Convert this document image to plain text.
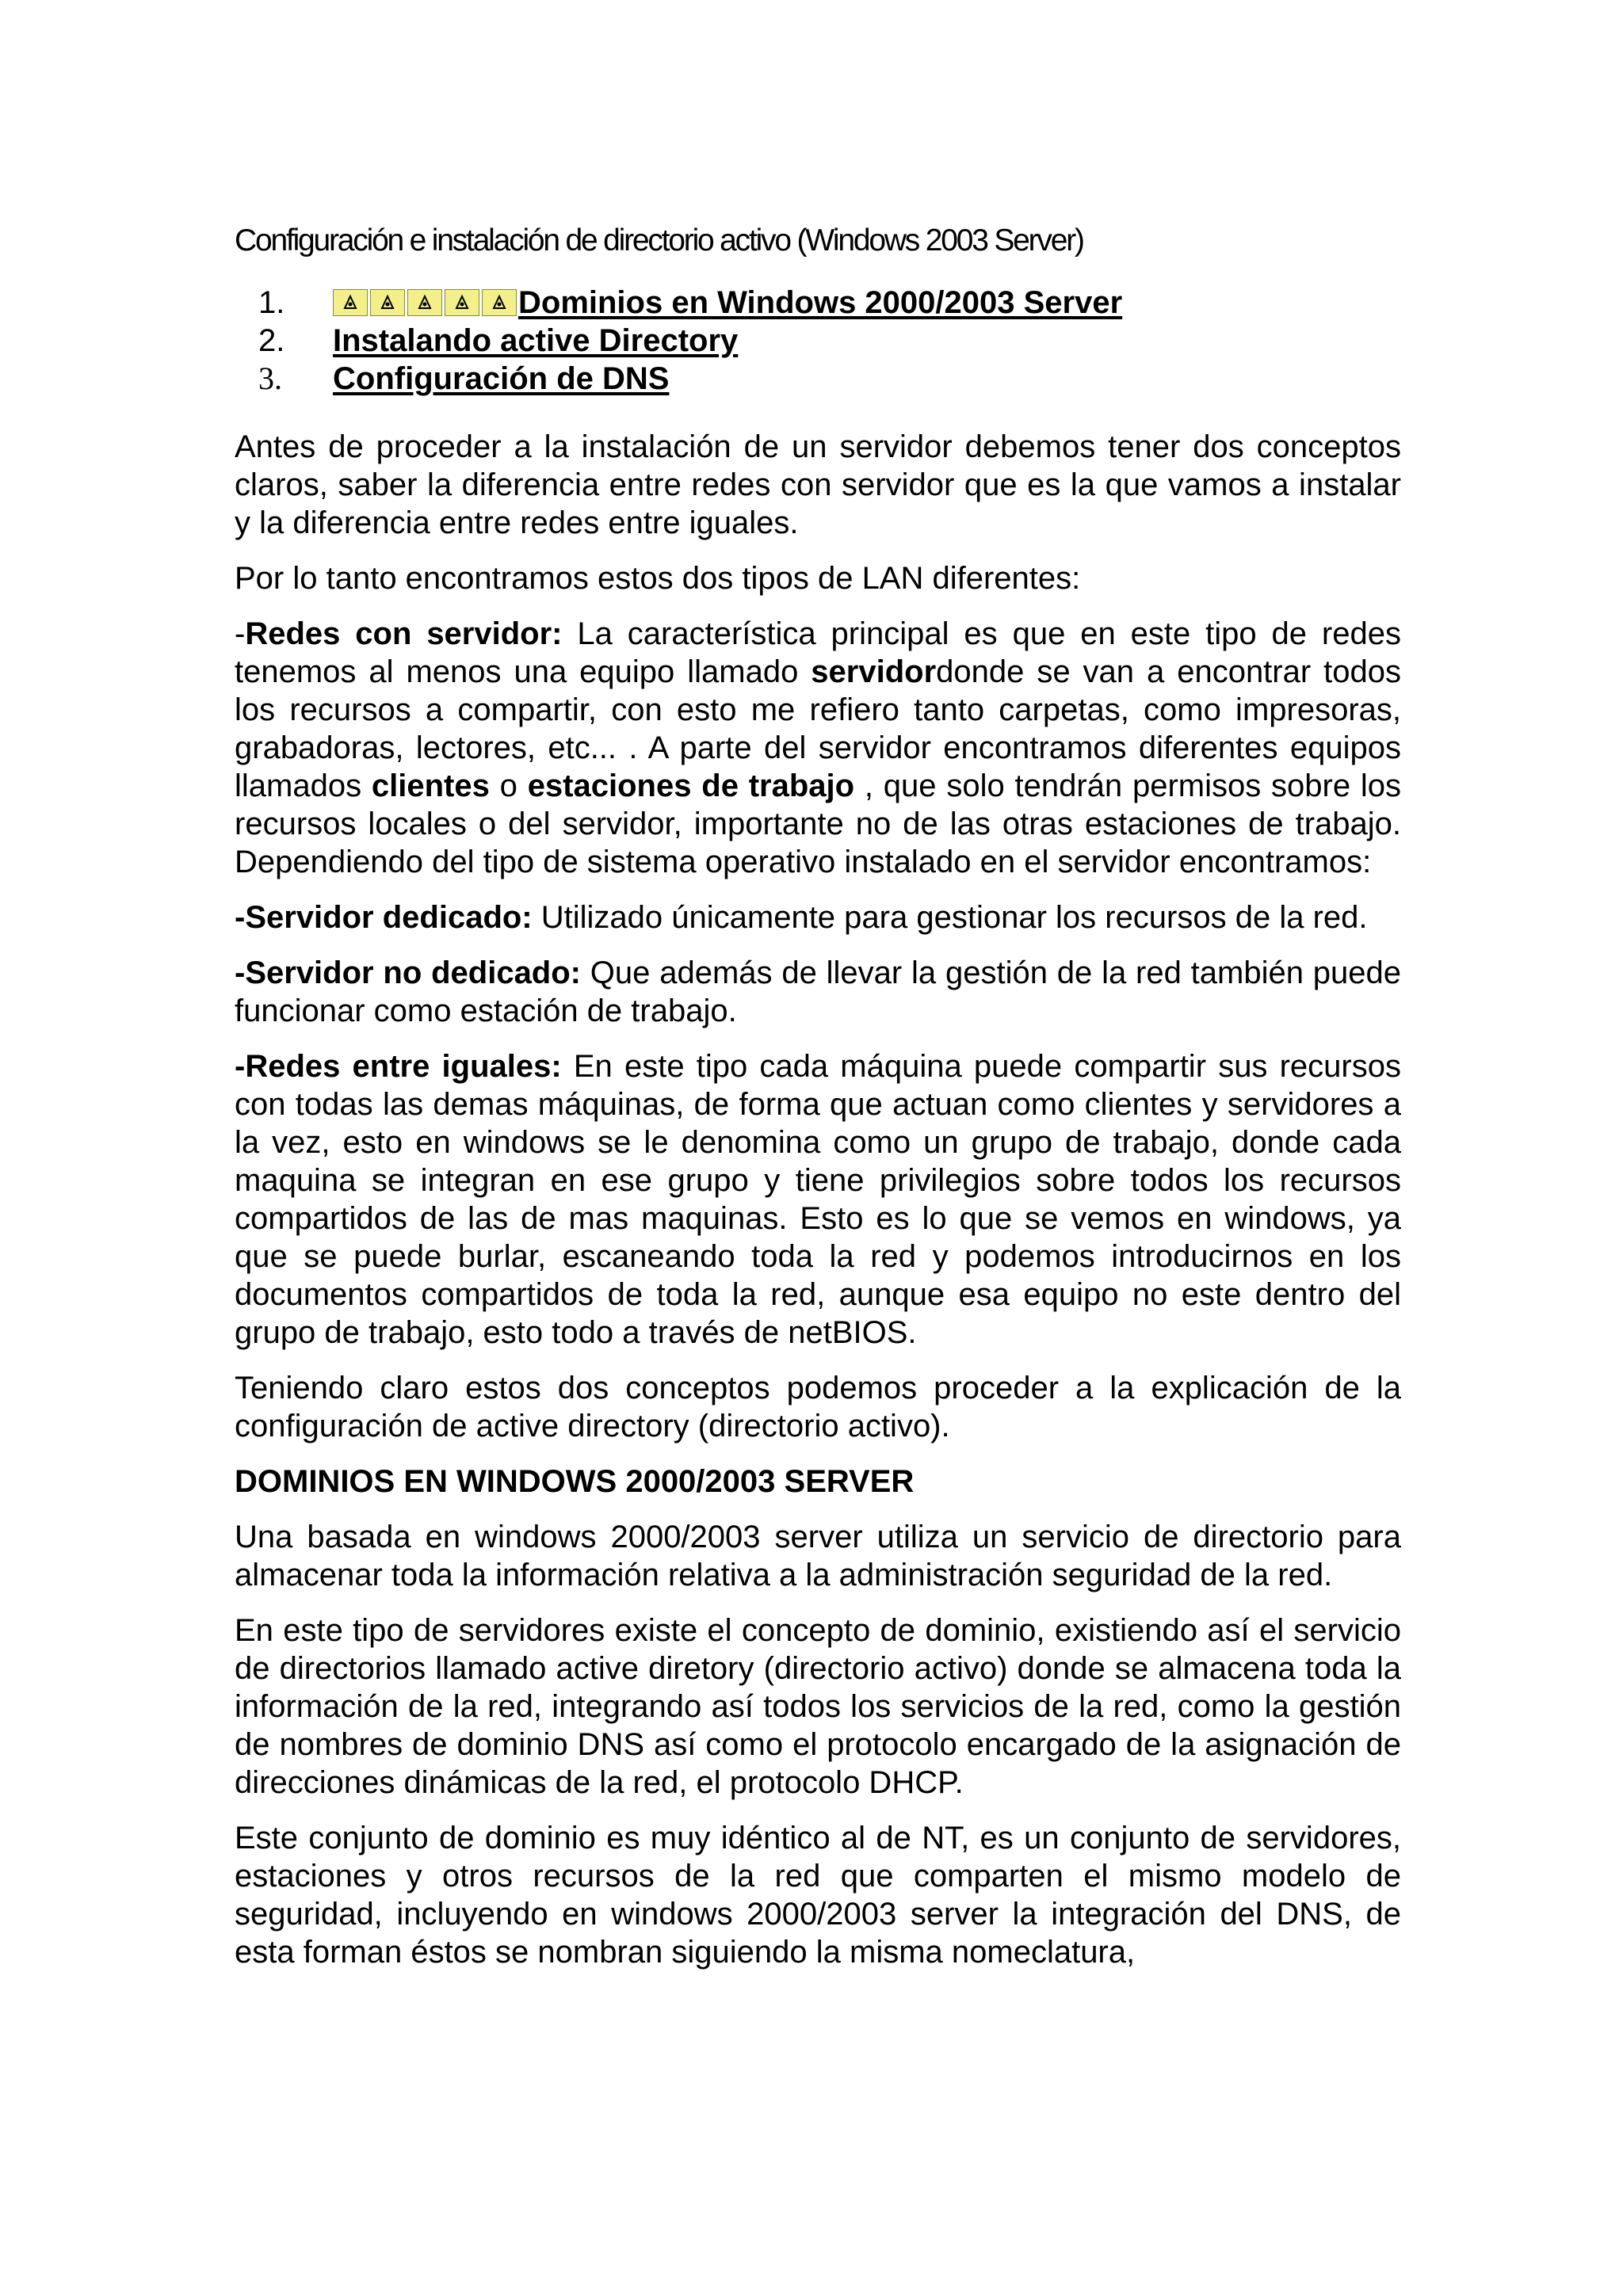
Configuración e instalación de directorio activo (Windows 2003 Server)
1.	Dominios en Windows 2000/2003 Server
2.	Instalando active Directory
3.	Configuración de DNS

Antes de proceder a la instalación de un servidor debemos tener dos conceptos claros, saber la diferencia entre redes con servidor que es la que vamos a instalar y la diferencia entre redes entre iguales.

Por lo tanto encontramos estos dos tipos de LAN diferentes:

-Redes con servidor: La característica principal es que en este tipo de redes tenemos al menos una equipo llamado servidordonde se van a encontrar todos los recursos a compartir, con esto me refiero tanto carpetas, como impresoras, grabadoras, lectores, etc... . A parte del servidor encontramos diferentes equipos llamados clientes o estaciones de trabajo , que solo tendrán permisos sobre los recursos locales o del servidor, importante no de las otras estaciones de trabajo. Dependiendo del tipo de sistema operativo instalado en el servidor encontramos:

-Servidor dedicado: Utilizado únicamente para gestionar los recursos de la red.

-Servidor no dedicado: Que además de llevar la gestión de la red también puede funcionar como estación de trabajo.

-Redes entre iguales: En este tipo cada máquina puede compartir sus recursos con todas las demas máquinas, de forma que actuan como clientes y servidores a la vez, esto en windows se le denomina como un grupo de trabajo, donde cada maquina se integran en ese grupo y tiene privilegios sobre todos los recursos compartidos de las de mas maquinas. Esto es lo que se vemos en windows, ya que se puede burlar, escaneando toda la red y podemos introducirnos en los documentos compartidos de toda la red, aunque esa equipo no este dentro del grupo de trabajo, esto todo a través de netBIOS.

Teniendo claro estos dos conceptos podemos proceder a la explicación de la configuración de active directory (directorio activo).

DOMINIOS EN WINDOWS 2000/2003 SERVER

Una basada en windows 2000/2003 server utiliza un servicio de directorio para almacenar toda la información relativa a la administración seguridad de la red.

En este tipo de servidores existe el concepto de dominio, existiendo así el servicio de directorios llamado active diretory (directorio activo) donde se almacena toda la información de la red, integrando así todos los servicios de la red, como la gestión de nombres de dominio DNS así como el protocolo encargado de la asignación de direcciones dinámicas de la red, el protocolo DHCP.

Este conjunto de dominio es muy idéntico al de NT, es un conjunto de servidores, estaciones y otros recursos de la red que comparten el mismo modelo de seguridad, incluyendo en windows 2000/2003 server la integración del DNS, de esta forman éstos se nombran siguiendo la misma nomeclatura,
